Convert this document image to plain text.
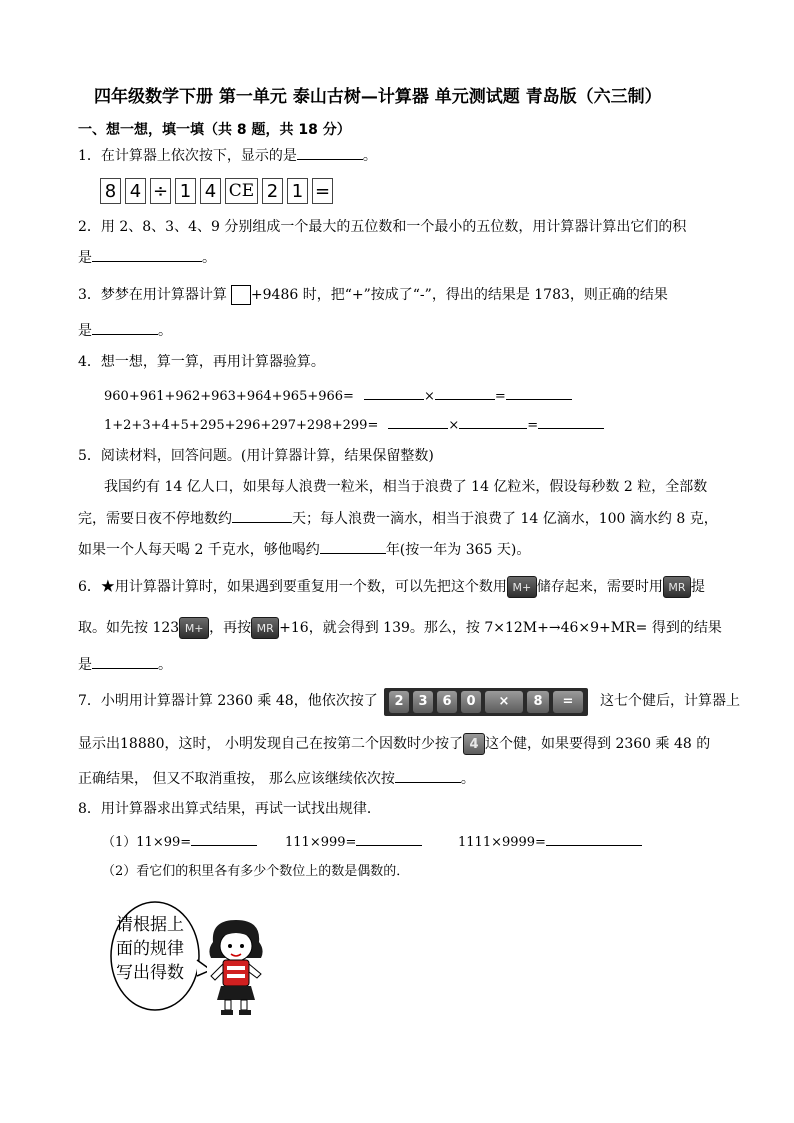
四年级数学下册 第一单元 泰山古树—计算器 单元测试题 青岛版（六三制）
一、想一想，填一填（共 8 题，共 18 分）
1．在计算器上依次按下，显示的是	。
8 4 ÷ 1 4 CE 2 1 =
2．用 2、8、3、4、9 分别组成一个最大的五位数和一个最小的五位数，用计算器计算出它们的积
是	。
3．梦梦在用计算器计算 +9486 时，把“+”按成了“-”，得出的结果是 1783，则正确的结果
是	。
4．想一想，算一算，再用计算器验算。
960+961+962+963+964+965+966=	×	=
1+2+3+4+5+295+296+297+298+299=	×	=
5．阅读材料，回答问题。(用计算器计算，结果保留整数)
我国约有 14 亿人口，如果每人浪费一粒米，相当于浪费了 14 亿粒米，假设每秒数 2 粒，全部数
完，需要日夜不停地数约	天；每人浪费一滴水，相当于浪费了 14 亿滴水，100 滴水约 8 克，
如果一个人每天喝 2 千克水，够他喝约	年(按一年为 365 天)。
6．★用计算器计算时，如果遇到要重复用一个数，可以先把这个数用 M+ 储存起来，需要时用 MR 提
取。如先按 123 M+ ，再按 MR +16，就会得到 139。那么，按 7×12M+→46×9+MR= 得到的结果
是	。
7．小明用计算器计算 2360 乘 48，他依次按了	2	3	6	0	×	8	=	这七个健后，计算器上
显示出18880，这时， 小明发现自己在按第二个因数时少按了 4 这个健，如果要得到 2360 乘 48 的
正确结果， 但又不取消重按， 那么应该继续依次按	。
8．用计算器求出算式结果，再试一试找出规律．
（1）11×99=	111×999=	1111×9999=
（2）看它们的积里各有多少个数位上的数是偶数的．
请根据上
面的规律
写出得数
